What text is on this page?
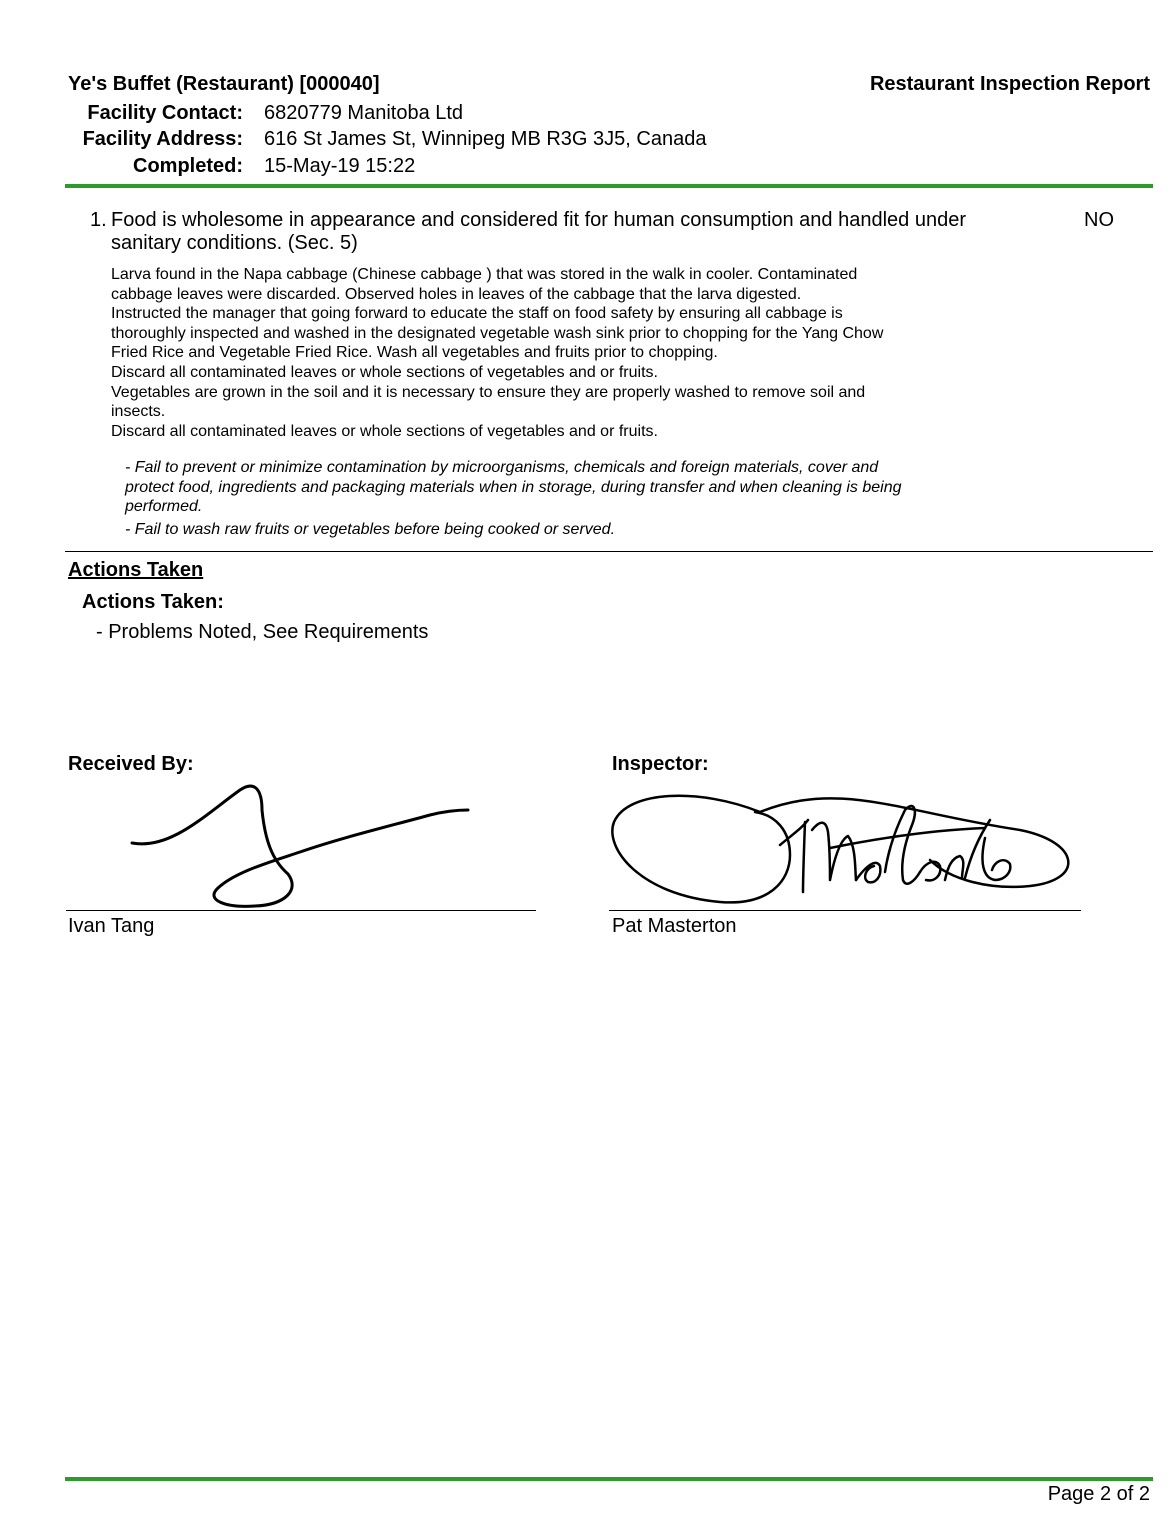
Ye's Buffet (Restaurant) [000040]	Restaurant Inspection Report
Facility Contact: 6820779 Manitoba Ltd
Facility Address: 616 St James St, Winnipeg MB R3G 3J5, Canada
Completed: 15-May-19 15:22
1. Food is wholesome in appearance and considered fit for human consumption and handled under
sanitary conditions. (Sec. 5)
NO
Larva found in the Napa cabbage (Chinese cabbage ) that was stored in the walk in cooler. Contaminated
cabbage leaves were discarded. Observed holes in leaves of the cabbage that the larva digested.
Instructed the manager that going forward to educate the staff on food safety by ensuring all cabbage is
thoroughly inspected and washed in the designated vegetable wash sink prior to chopping for the Yang Chow
Fried Rice and Vegetable Fried Rice. Wash all vegetables and fruits prior to chopping.
Discard all contaminated leaves or whole sections of vegetables and or fruits.
Vegetables are grown in the soil and it is necessary to ensure they are properly washed to remove soil and
insects.
Discard all contaminated leaves or whole sections of vegetables and or fruits.
- Fail to prevent or minimize contamination by microorganisms, chemicals and foreign materials, cover and
protect food, ingredients and packaging materials when in storage, during transfer and when cleaning is being
performed.
- Fail to wash raw fruits or vegetables before being cooked or served.
Actions Taken
Actions Taken:
- Problems Noted, See Requirements
Received By:	Inspector:
Ivan Tang	Pat Masterton
Page 2 of 2
